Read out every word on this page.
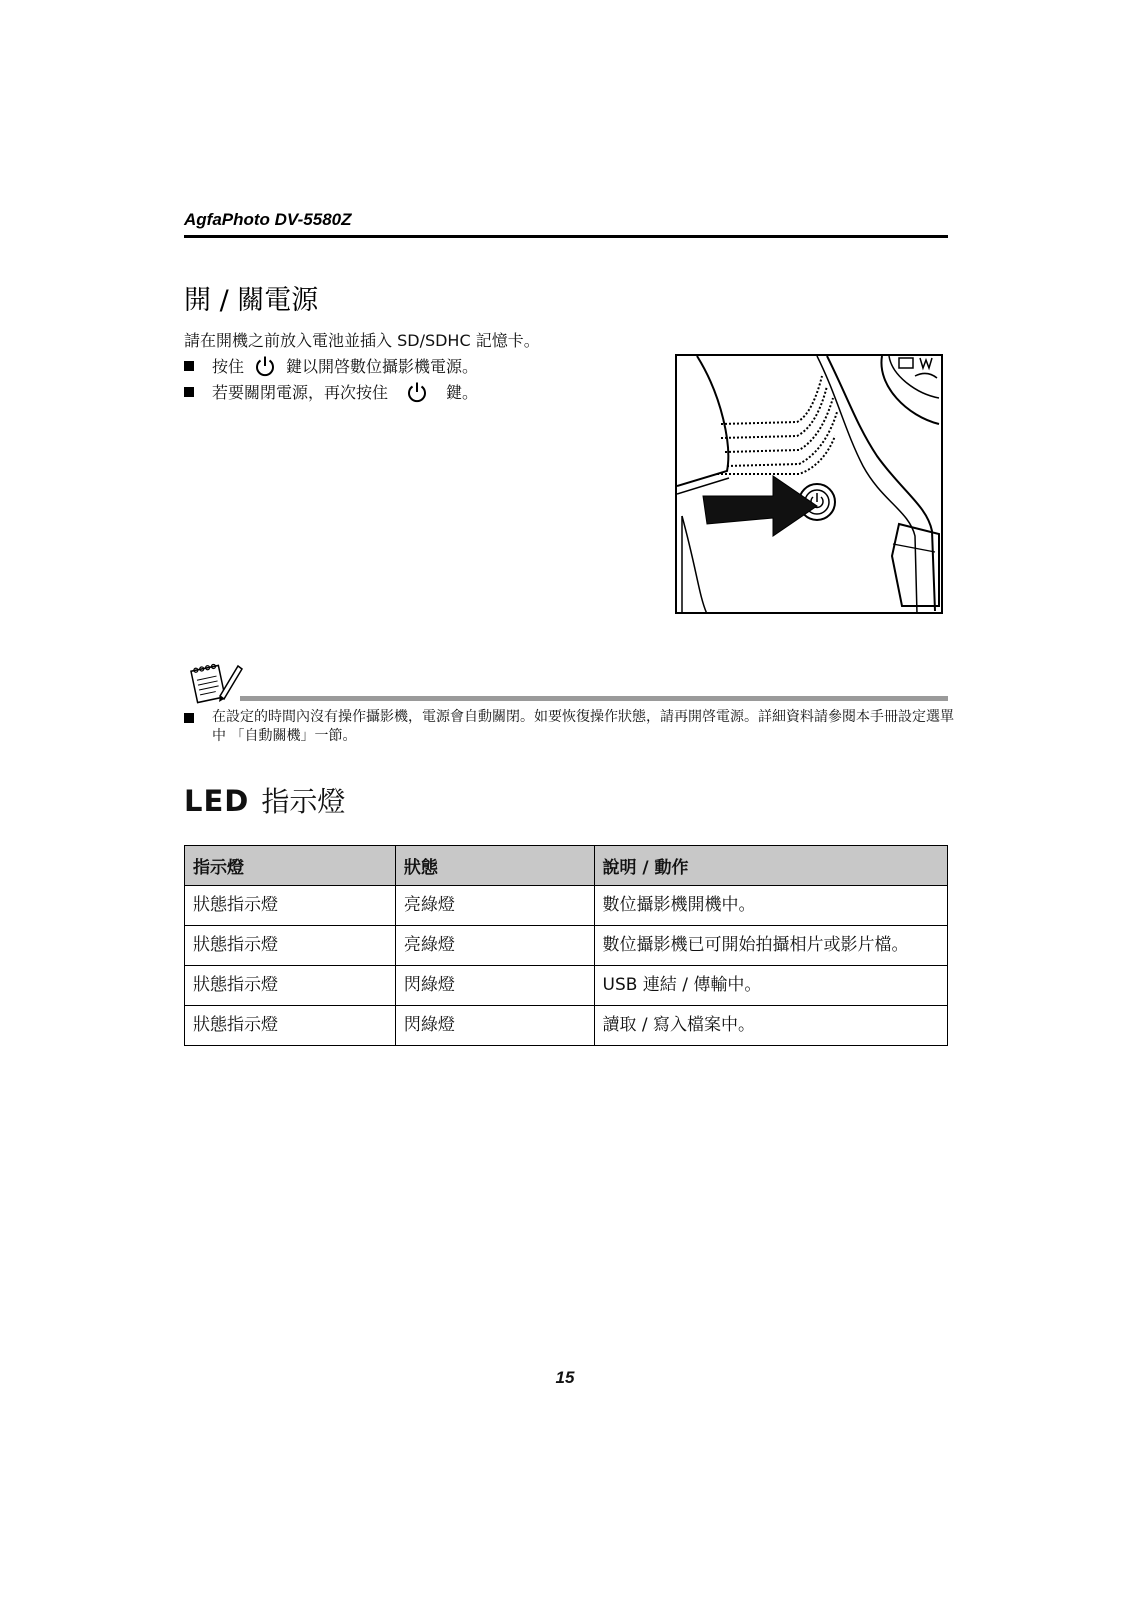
AgfaPhoto DV-5580Z
開 / 關電源
請在開機之前放入電池並插入 SD/SDHC 記憶卡。
按住	鍵以開啓數位攝影機電源。
若要關閉電源，再次按住	鍵。
在設定的時間內沒有操作攝影機，電源會自動關閉。如要恢復操作狀態，請再開啓電源。詳細資料請參閱本手冊設定選單中 「自動關機」一節。
LED 指示燈
指示燈	狀態	說明 / 動作
狀態指示燈	亮綠燈	數位攝影機開機中。
狀態指示燈	亮綠燈	數位攝影機已可開始拍攝相片或影片檔。
狀態指示燈	閃綠燈	USB 連結 / 傳輸中。
狀態指示燈	閃綠燈	讀取 / 寫入檔案中。
15
